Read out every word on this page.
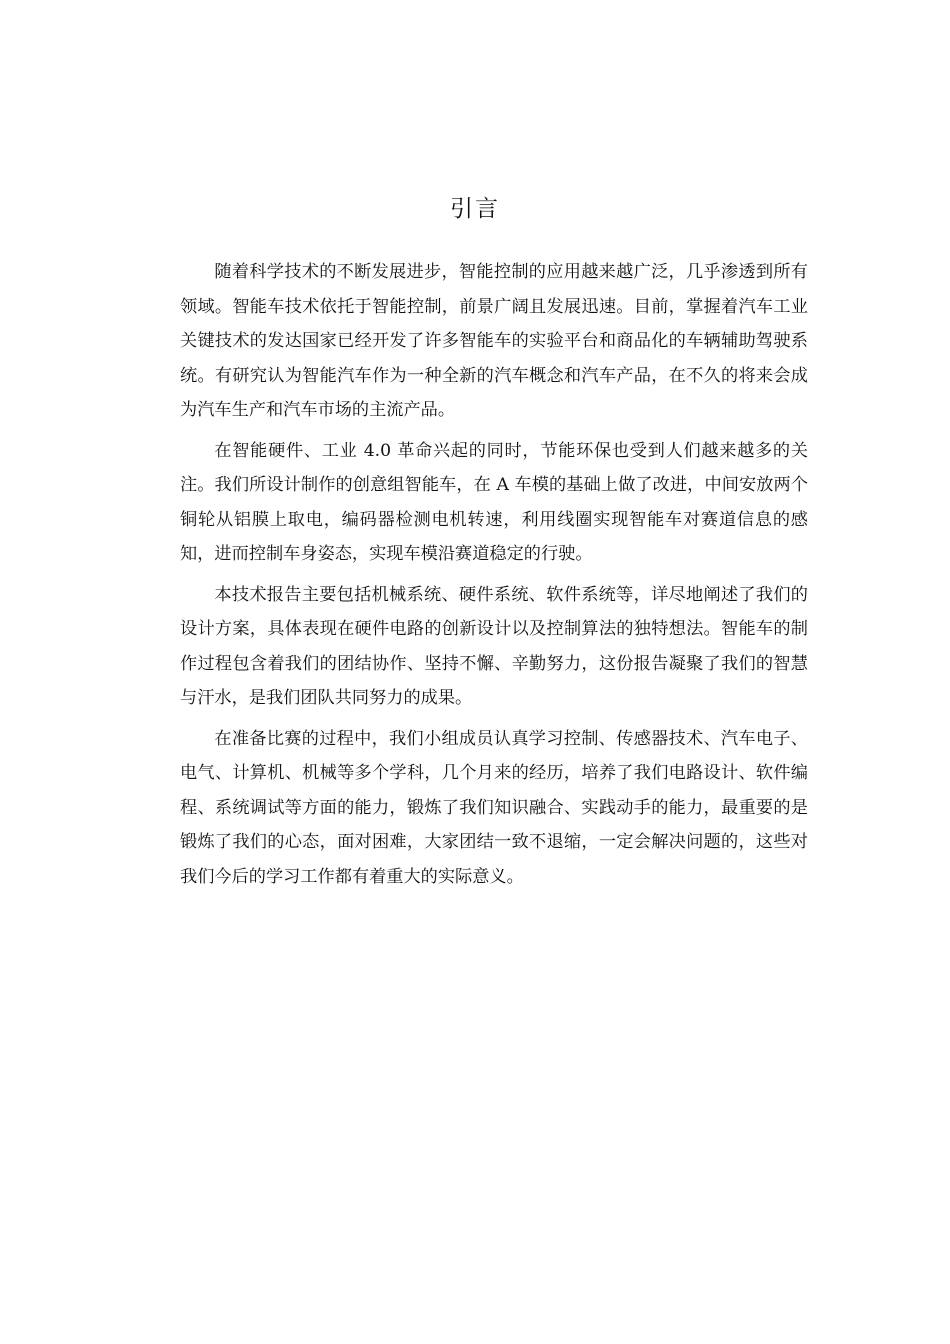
引言

随着科学技术的不断发展进步，智能控制的应用越来越广泛，几乎渗透到所有领域。智能车技术依托于智能控制，前景广阔且发展迅速。目前，掌握着汽车工业关键技术的发达国家已经开发了许多智能车的实验平台和商品化的车辆辅助驾驶系统。有研究认为智能汽车作为一种全新的汽车概念和汽车产品，在不久的将来会成为汽车生产和汽车市场的主流产品。

在智能硬件、工业 4.0 革命兴起的同时，节能环保也受到人们越来越多的关注。我们所设计制作的创意组智能车，在 A 车模的基础上做了改进，中间安放两个铜轮从铝膜上取电，编码器检测电机转速，利用线圈实现智能车对赛道信息的感知，进而控制车身姿态，实现车模沿赛道稳定的行驶。

本技术报告主要包括机械系统、硬件系统、软件系统等，详尽地阐述了我们的设计方案，具体表现在硬件电路的创新设计以及控制算法的独特想法。智能车的制作过程包含着我们的团结协作、坚持不懈、辛勤努力，这份报告凝聚了我们的智慧与汗水，是我们团队共同努力的成果。

在准备比赛的过程中，我们小组成员认真学习控制、传感器技术、汽车电子、电气、计算机、机械等多个学科，几个月来的经历，培养了我们电路设计、软件编程、系统调试等方面的能力，锻炼了我们知识融合、实践动手的能力，最重要的是锻炼了我们的心态，面对困难，大家团结一致不退缩，一定会解决问题的，这些对我们今后的学习工作都有着重大的实际意义。
